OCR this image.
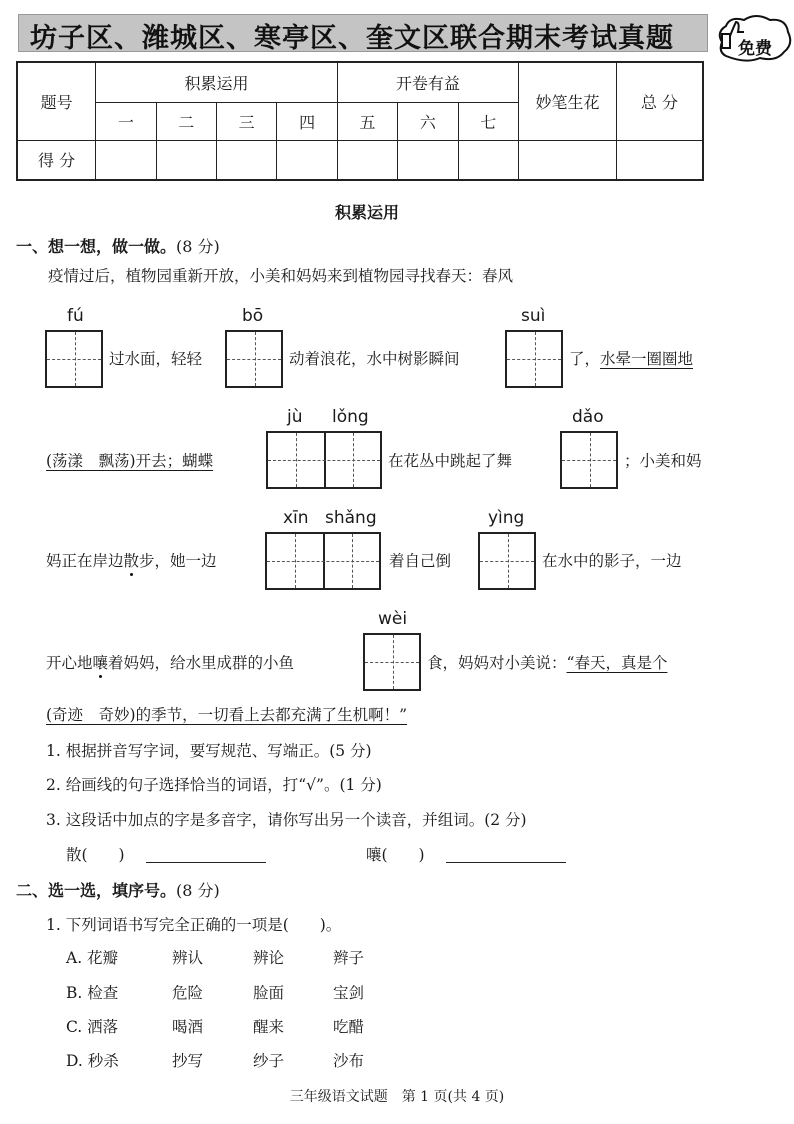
坊子区、潍城区、寒亭区、奎文区联合期末考试真题	免费
题号	积累运用				开卷有益			妙笔生花	总 分
	一	二	三	四	五	六	七		
得 分									
积累运用
一、想一想，做一做。(8 分)
疫情过后，植物园重新开放，小美和妈妈来到植物园寻找春天：春风
fú
过水面，轻轻
bō
动着浪花，水中树影瞬间
suì
了，水晕一圈圈地
(荡漾　飘荡)开去；蝴蝶
jù lǒng
在花丛中跳起了舞
dǎo
；小美和妈
妈正在岸边散步，她一边
xīn shǎng
着自己倒
yìng
在水中的影子，一边
开心地嚷着妈妈，给水里成群的小鱼
wèi
食，妈妈对小美说：“春天，真是个
(奇迹　奇妙)的季节，一切看上去都充满了生机啊！”
1. 根据拼音写字词，要写规范、写端正。(5 分)
2. 给画线的句子选择恰当的词语，打“√”。(1 分)
3. 这段话中加点的字是多音字，请你写出另一个读音，并组词。(2 分)
散(　　)	嚷(　　)
二、选一选，填序号。(8 分)
1. 下列词语书写完全正确的一项是(　　)。
A. 花瓣	辨认	辨论	辫子
B. 检查	危险	脸面	宝剑
C. 洒落	喝酒	醒来	吃醋
D. 秒杀	抄写	纱子	沙布
三年级语文试题　第 1 页(共 4 页)
